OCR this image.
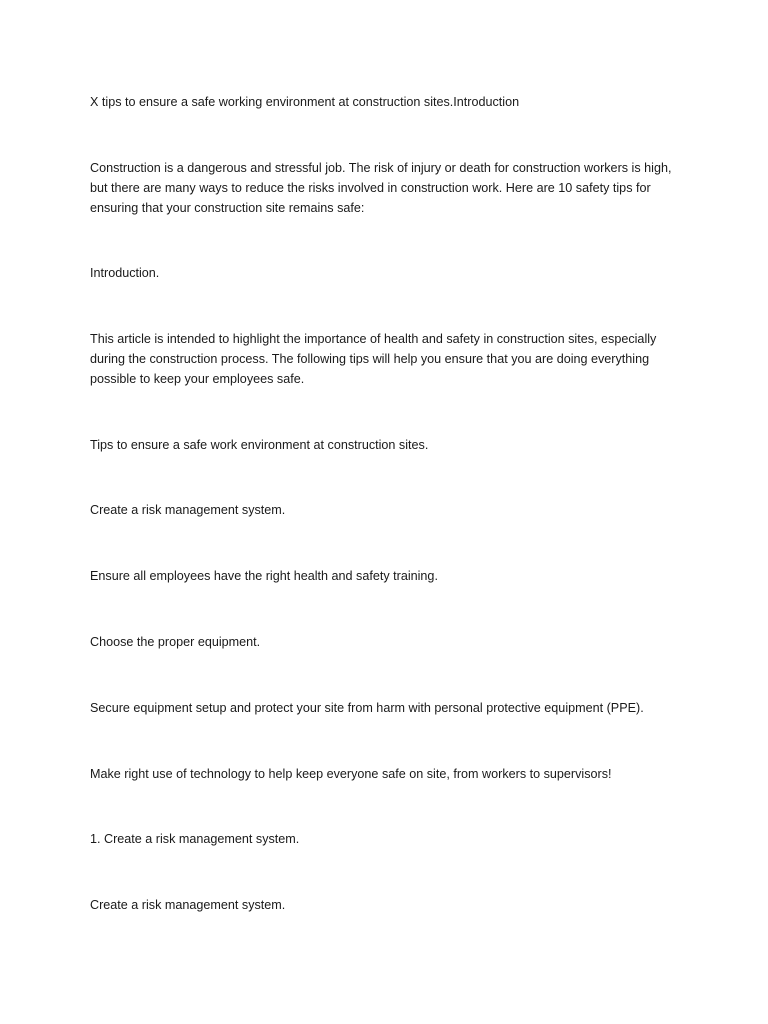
X tips to ensure a safe working environment at construction sites.Introduction

Construction is a dangerous and stressful job. The risk of injury or death for construction workers is high, but there are many ways to reduce the risks involved in construction work. Here are 10 safety tips for ensuring that your construction site remains safe:

Introduction.

This article is intended to highlight the importance of health and safety in construction sites, especially during the construction process. The following tips will help you ensure that you are doing everything possible to keep your employees safe.

Tips to ensure a safe work environment at construction sites.

Create a risk management system.

Ensure all employees have the right health and safety training.

Choose the proper equipment.

Secure equipment setup and protect your site from harm with personal protective equipment (PPE).

Make right use of technology to help keep everyone safe on site, from workers to supervisors!

1. Create a risk management system.

Create a risk management system.
